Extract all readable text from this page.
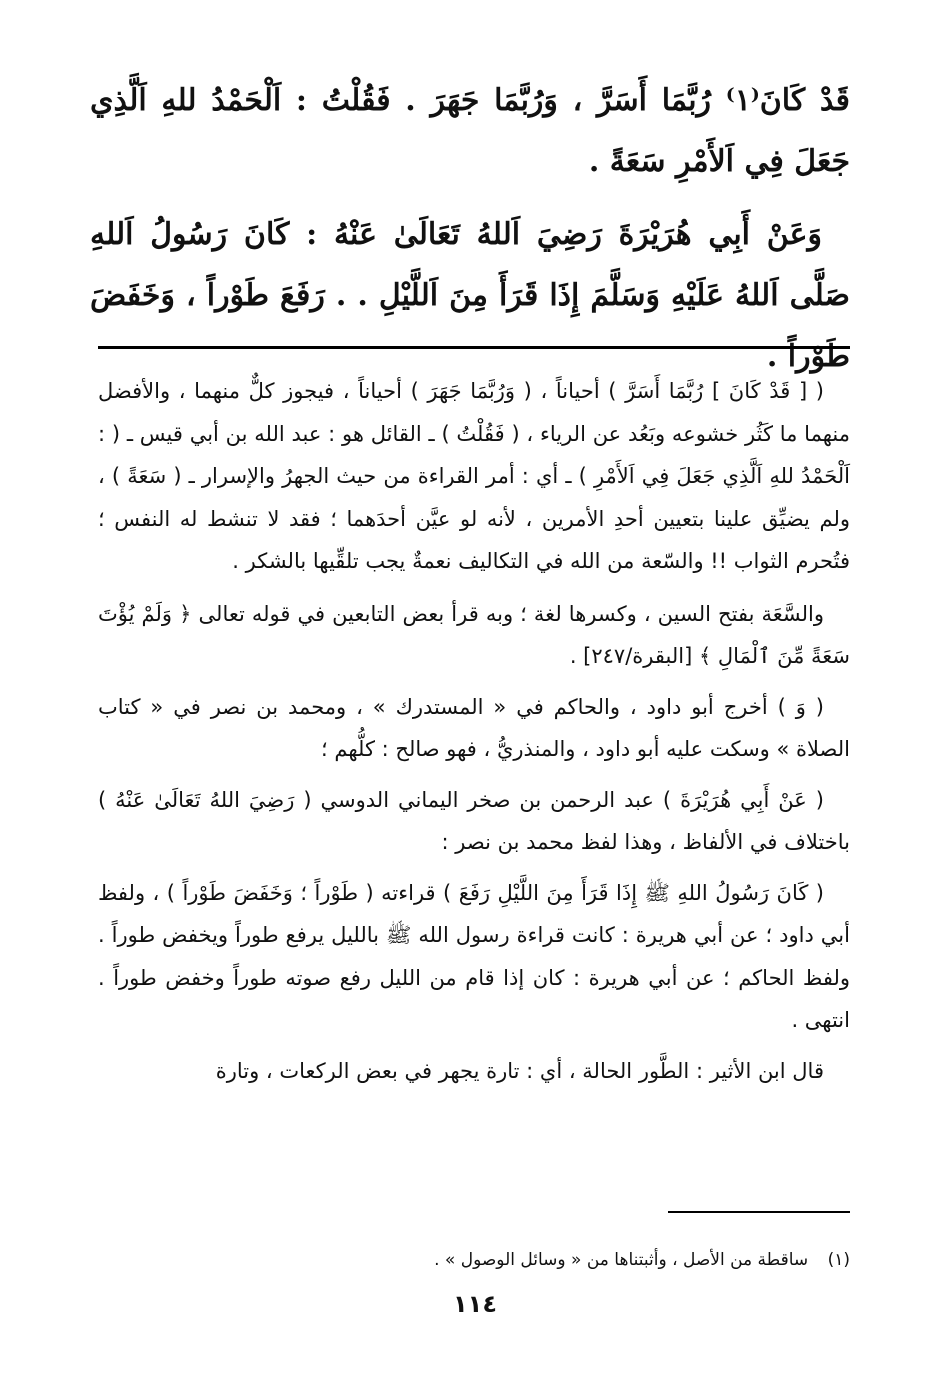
قَدْ كَانَ⁽١⁾ رُبَّمَا أَسَرَّ ، وَرُبَّمَا جَهَرَ . فَقُلْتُ : اَلْحَمْدُ للهِ اَلَّذِي جَعَلَ فِي اَلأَمْرِ سَعَةً .

وَعَنْ أَبِي هُرَيْرَةَ رَضِيَ اَللهُ تَعَالَىٰ عَنْهُ : كَانَ رَسُولُ اَللهِ صَلَّى اَللهُ عَلَيْهِ وَسَلَّمَ إِذَا قَرَأَ مِنَ اَللَّيْلِ . . رَفَعَ طَوْراً ، وَخَفَضَ طَوْراً .

( [ قَدْ كَانَ ] رُبَّمَا أَسَرَّ ) أحياناً ، ( وَرُبَّمَا جَهَرَ ) أحياناً ، فيجوز كلٌّ منهما ، والأفضل منهما ما كَثُر خشوعه وبَعُد عن الرياء ، ( فَقُلْتُ ) ـ القائل هو : عبد الله بن أبي قيس ـ ( : اَلْحَمْدُ للهِ اَلَّذِي جَعَلَ فِي اَلأَمْرِ ) ـ أي : أمر القراءة من حيث الجهرُ والإسرار ـ ( سَعَةً ) ، ولم يضيِّق علينا بتعيين أحدِ الأمرين ، لأنه لو عيَّن أحدَهما ؛ فقد لا تنشط له النفس ؛ فتُحرم الثواب !! والسّعة من الله في التكاليف نعمةٌ يجب تلقِّيها بالشكر .

والسَّعَة بفتح السين ، وكسرها لغة ؛ وبه قرأ بعض التابعين في قوله تعالى ﴿ وَلَمْ يُؤْتَ سَعَةً مِّنَ ٱلْمَالِ ﴾ [البقرة/٢٤٧] .

( وَ ) أخرج أبو داود ، والحاكم في « المستدرك » ، ومحمد بن نصر في « كتاب الصلاة » وسكت عليه أبو داود ، والمنذريُّ ، فهو صالح : كلُّهم ؛

( عَنْ أَبِي هُرَيْرَةَ ) عبد الرحمن بن صخر اليماني الدوسي ( رَضِيَ اللهُ تَعَالَىٰ عَنْهُ ) باختلاف في الألفاظ ، وهذا لفظ محمد بن نصر :

( كَانَ رَسُولُ اللهِ ﷺ إِذَا قَرَأَ مِنَ اللَّيْلِ رَفَعَ ) قراءته ( طَوْراً ؛ وَخَفَضَ طَوْراً ) ، ولفظ أبي داود ؛ عن أبي هريرة : كانت قراءة رسول الله ﷺ بالليل يرفع طوراً ويخفض طوراً . ولفظ الحاكم ؛ عن أبي هريرة : كان إذا قام من الليل رفع صوته طوراً وخفض طوراً . انتهى .

قال ابن الأثير : الطَّور الحالة ، أي : تارة يجهر في بعض الركعات ، وتارة

(١) ساقطة من الأصل ، وأثبتناها من « وسائل الوصول » .
١١٤
